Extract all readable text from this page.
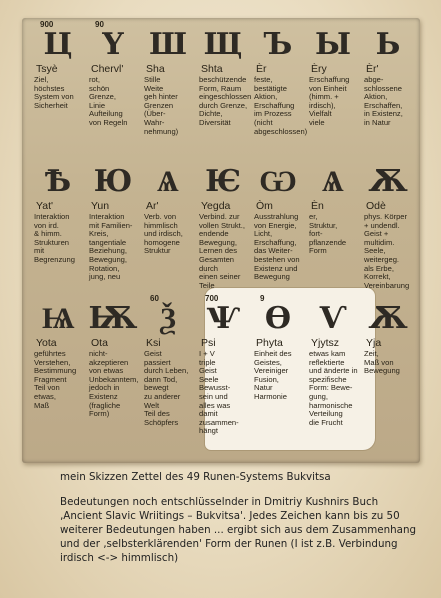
900
Ц
Tsyè
Ziel,
höchstes
System von
Sicherheit
90
Ү
Chervl'
rot,
schön
Grenze,
Linie
Aufteilung
von Regeln
Ш
Sha
Stille
Weite
geh hinter
Grenzen
(Über-
Wahr-
nehmung)
Щ
Shta
beschützende
Form, Raum
eingeschlossen
durch Grenze,
Dichte,
Diversität
Ъ
Ѐr
feste,
bestätigte
Aktion,
Erschaffung
im Prozess
(nicht
abgeschlossen)
Ы
Ѐry
Erschaffung
von Einheit
(himm. +
irdisch),
Vielfalt
viele
Ь
Ѐr'
abge-
schlossene
Aktion,
Erschaffen,
in Existenz,
in Natur
Ѣ
Yat'
Interaktion
von ird.
& himm.
Strukturen
mit
Begrenzung
Ю
Yun
Interaktion
mit Familien-
Kreis,
tangentiale
Beziehung,
Bewegung,
Rotation,
jung, neu
Ѧ
Ar'
Verb. von
himmlisch
und irdisch,
homogene
Struktur
Ѥ
Yegda
Verbind. zur
vollen Strukt.,
endende
Bewegung,
Lernen des
Gesamten durch
einen seiner
Teile
Ѡ
Òm
Ausstrahlung
von Energie,
Licht,
Erschaffung,
das Weiter-
bestehen von
Existenz und
Bewegung
Ѧ
Ѐn
er,
Struktur,
fort-
pflanzende
Form
Ѫ
Odè
phys. Körper
+ undendl.
Geist +
multidim.
Seele,
weitergeg.
als Erbe,
Korrekt,
Vereinbarung
Ѩ
Yota
geführtes
Verstehen,
Bestimmung
Fragment
Teil von
etwas,
Maß
Ѭ
Ota
nicht-
akzeptieren
von etwas
Unbekanntem,
jedoch in
Existenz
(fragliche
Form)
60
Ѯ
Ksi
Geist
passiert
durch Leben,
dann Tod,
bewegt
zu anderer
Welt
Teil des
Schöpfers
700
Ѱ
Psi
I + V
triple
Geist
Seele
Bewusst-
sein und
alles was
damit
zusammen-
hängt
9
Ѳ
Phyta
Einheit des
Geistes,
Vereiniger
Fusion,
Natur
Harmonie
Ѵ
Yjytsz
etwas kam
reflektierte
und änderte in
spezifische
Form: Bewe-
gung,
harmonische
Verteilung
die Frucht
Ѫ
Yja
Zeit,
Maß von
Bewegung
mein Skizzen Zettel des 49 Runen-Systems Bukvitsa
Bedeutungen noch entschlüsselnder in Dmitriy Kushnirs Buch ‚Ancient Slavic Wriitings – Bukvitsa'. Jedes Zeichen kann bis zu 50 weiterer Bedeutungen haben ... ergibt sich aus dem Zusammenhang und der ‚selbsterklärenden' Form der Runen (I ist z.B. Verbindung irdisch <-> himmlisch)
